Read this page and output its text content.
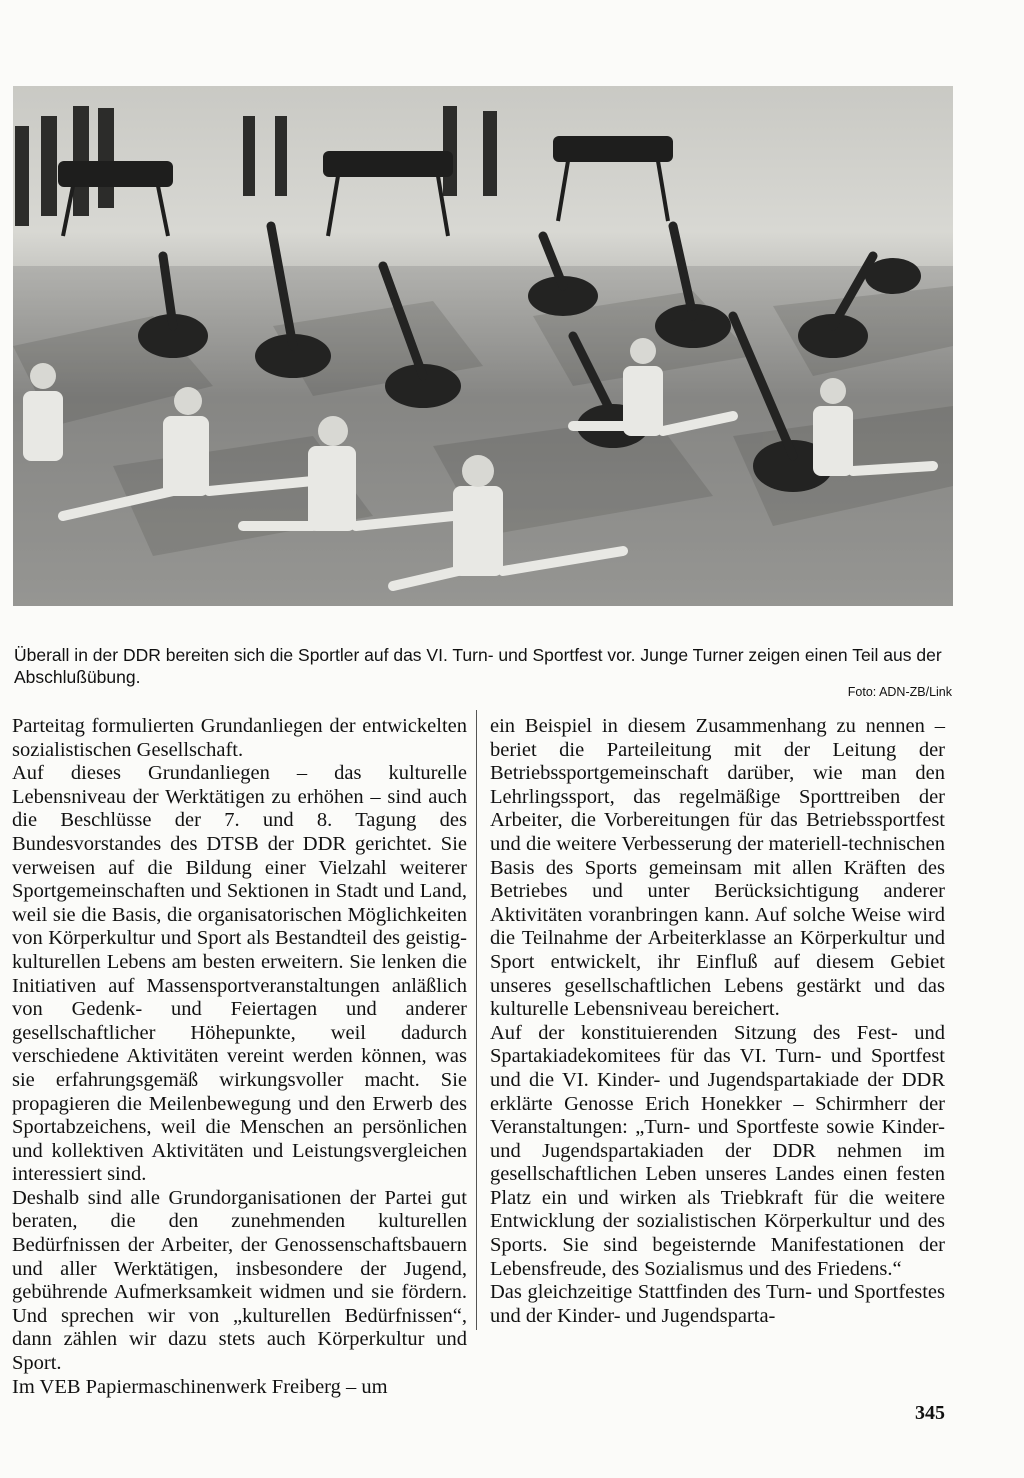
Überall in der DDR bereiten sich die Sportler auf das VI. Turn- und Sportfest vor. Junge Turner zeigen einen Teil aus der Abschlußübung.
Foto: ADN-ZB/Link

Parteitag formulierten Grundanliegen der entwickelten sozialistischen Gesellschaft.

Auf dieses Grundanliegen – das kulturelle Lebensniveau der Werktätigen zu erhöhen – sind auch die Beschlüsse der 7. und 8. Tagung des Bundesvorstandes des DTSB der DDR gerichtet. Sie verweisen auf die Bildung einer Vielzahl weiterer Sportgemeinschaften und Sektionen in Stadt und Land, weil sie die Basis, die organisatorischen Möglichkeiten von Körperkultur und Sport als Bestandteil des geistig-kulturellen Lebens am besten erweitern. Sie lenken die Initiativen auf Massensportveranstaltungen anläßlich von Gedenk- und Feiertagen und anderer gesellschaftlicher Höhepunkte, weil dadurch verschiedene Aktivitäten vereint werden können, was sie erfahrungsgemäß wirkungsvoller macht. Sie propagieren die Meilenbewegung und den Erwerb des Sportabzeichens, weil die Menschen an persönlichen und kollektiven Aktivitäten und Leistungsvergleichen interessiert sind.

Deshalb sind alle Grundorganisationen der Partei gut beraten, die den zunehmenden kulturellen Bedürfnissen der Arbeiter, der Genossenschaftsbauern und aller Werktätigen, insbesondere der Jugend, gebührende Aufmerksamkeit widmen und sie fördern. Und sprechen wir von „kulturellen Bedürfnissen“, dann zählen wir dazu stets auch Körperkultur und Sport.

Im VEB Papiermaschinenwerk Freiberg – um

ein Beispiel in diesem Zusammenhang zu nennen – beriet die Parteileitung mit der Leitung der Betriebssportgemeinschaft darüber, wie man den Lehrlingssport, das regelmäßige Sporttreiben der Arbeiter, die Vorbereitungen für das Betriebssportfest und die weitere Verbesserung der materiell-technischen Basis des Sports gemeinsam mit allen Kräften des Betriebes und unter Berücksichtigung anderer Aktivitäten voranbringen kann. Auf solche Weise wird die Teilnahme der Arbeiterklasse an Körperkultur und Sport entwickelt, ihr Einfluß auf diesem Gebiet unseres gesellschaftlichen Lebens gestärkt und das kulturelle Lebensniveau bereichert.

Auf der konstituierenden Sitzung des Fest- und Spartakiadekomitees für das VI. Turn- und Sportfest und die VI. Kinder- und Jugendspartakiade der DDR erklärte Genosse Erich Honekker – Schirmherr der Veranstaltungen: „Turn- und Sportfeste sowie Kinder- und Jugendspartakiaden der DDR nehmen im gesellschaftlichen Leben unseres Landes einen festen Platz ein und wirken als Triebkraft für die weitere Entwicklung der sozialistischen Körperkultur und des Sports. Sie sind begeisternde Manifestationen der Lebensfreude, des Sozialismus und des Friedens.“

Das gleichzeitige Stattfinden des Turn- und Sportfestes und der Kinder- und Jugendsparta-

345
